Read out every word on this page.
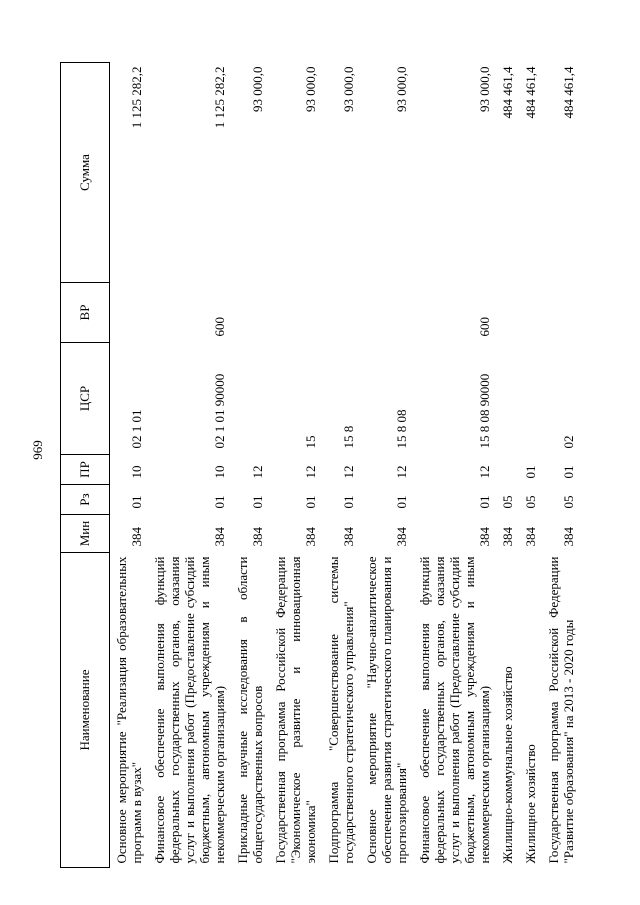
969
Наименование	Мин	Рз	ПР	ЦСР	ВР	Сумма
Основное мероприятие "Реализация образовательных программ в вузах"	384	01	10	02 1 01		1 125 282,2
Финансовое обеспечение выполнения функций федеральных государственных органов, оказания услуг и выполнения работ (Предоставление субсидий бюджетным, автономным учреждениям и иным некоммерческим организациям)	384	01	10	02 1 01 90000	600	1 125 282,2
Прикладные научные исследования в области общегосударственных вопросов	384	01	12			93 000,0
Государственная программа Российской Федерации "Экономическое развитие и инновационная экономика"	384	01	12	15		93 000,0
Подпрограмма "Совершенствование системы государственного стратегического управления"	384	01	12	15 8		93 000,0
Основное мероприятие "Научно-аналитическое обеспечение развития стратегического планирования и прогнозирования"	384	01	12	15 8 08		93 000,0
Финансовое обеспечение выполнения функций федеральных государственных органов, оказания услуг и выполнения работ (Предоставление субсидий бюджетным, автономным учреждениям и иным некоммерческим организациям)	384	01	12	15 8 08 90000	600	93 000,0
Жилищно-коммунальное хозяйство	384	05				484 461,4
Жилищное хозяйство	384	05	01			484 461,4
Государственная программа Российской Федерации "Развитие образования" на 2013 - 2020 годы	384	05	01	02		484 461,4
